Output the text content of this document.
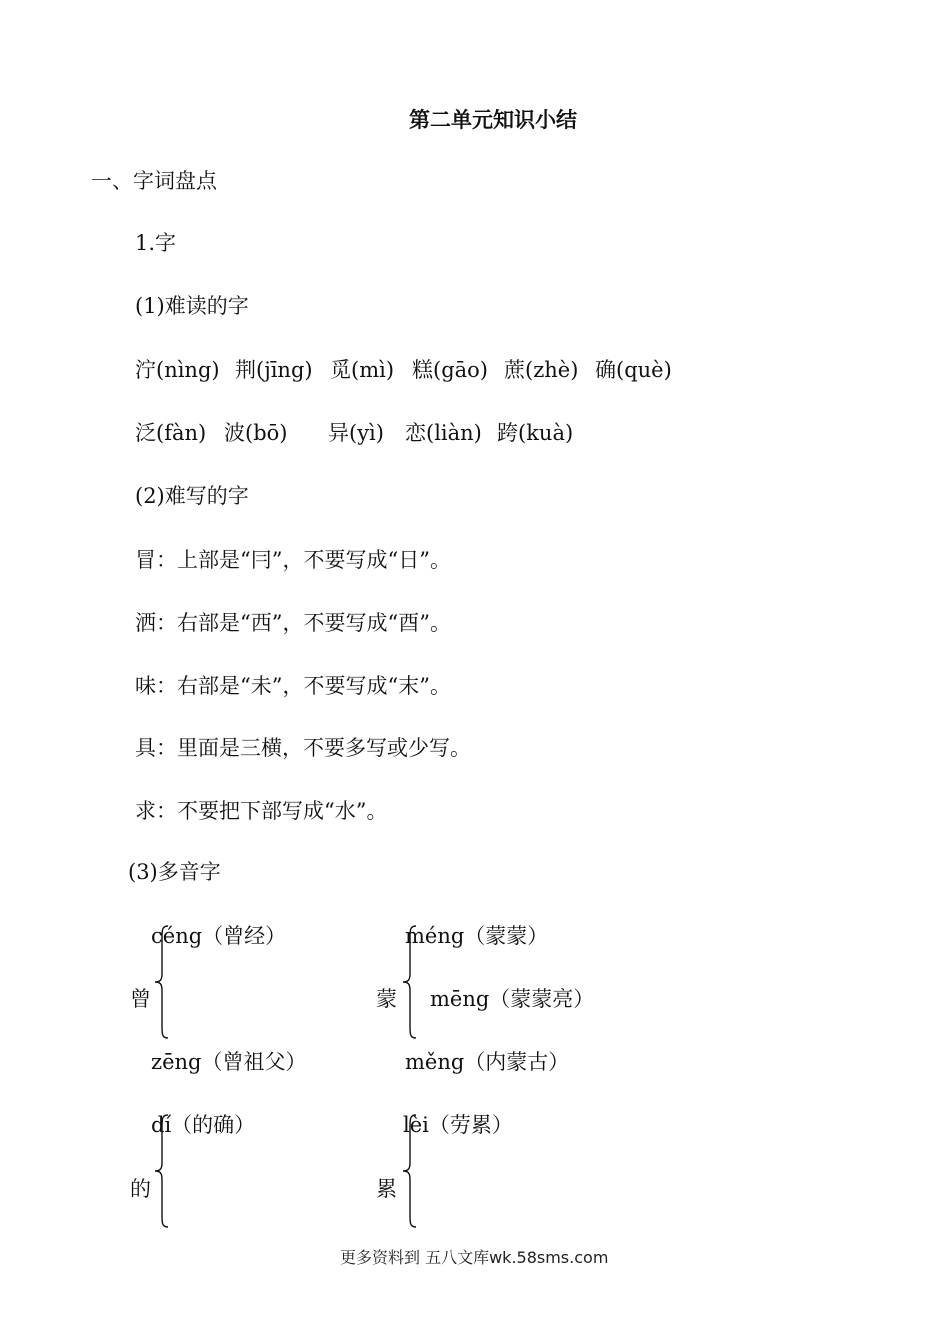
第二单元知识小结
一、字词盘点
1.字
(1)难读的字
泞(nìng) 荆(jīng) 觅(mì) 糕(gāo) 蔗(zhè) 确(què)
泛(fàn) 波(bō) 异(yì) 恋(liàn) 跨(kuà)
(2)难写的字
冒：上部是“冃”，不要写成“日”。
洒：右部是“西”，不要写成“酉”。
味：右部是“未”，不要写成“末”。
具：里面是三横，不要多写或少写。
求：不要把下部写成“水”。
(3)多音字
céng（曾经）
曾
zēng（曾祖父）
méng（蒙蒙）
蒙 mēng（蒙蒙亮）
měng（内蒙古）
dí（的确）
的
lèi（劳累）
累
更多资料到 五八文库wk.58sms.com
